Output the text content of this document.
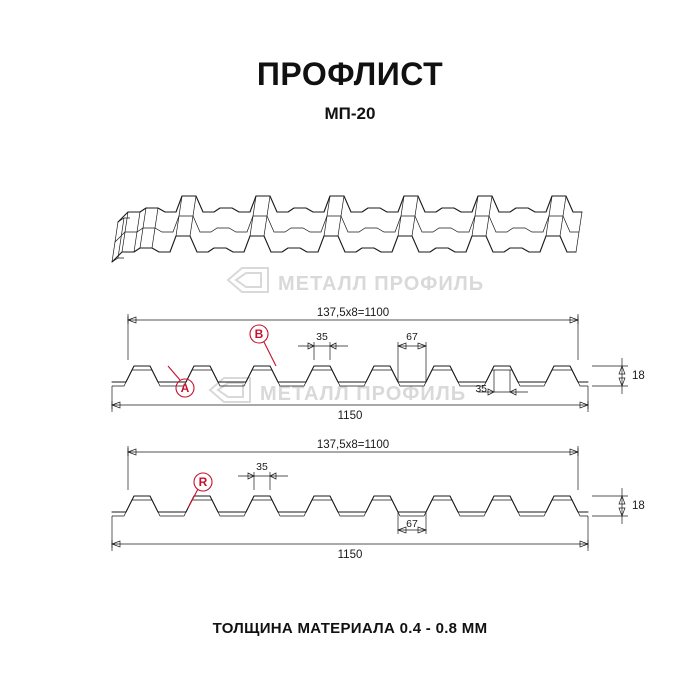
ПРОФЛИСТ
МП-20
ТОЛЩИНА МАТЕРИАЛА 0.4 - 0.8 ММ
МЕТАЛЛ ПРОФИЛЬ
МЕТАЛЛ ПРОФИЛЬ
137,5х8=1100
1150
18
35	67
35
A
B
137,5х8=1100
1150
18
35
67
R
